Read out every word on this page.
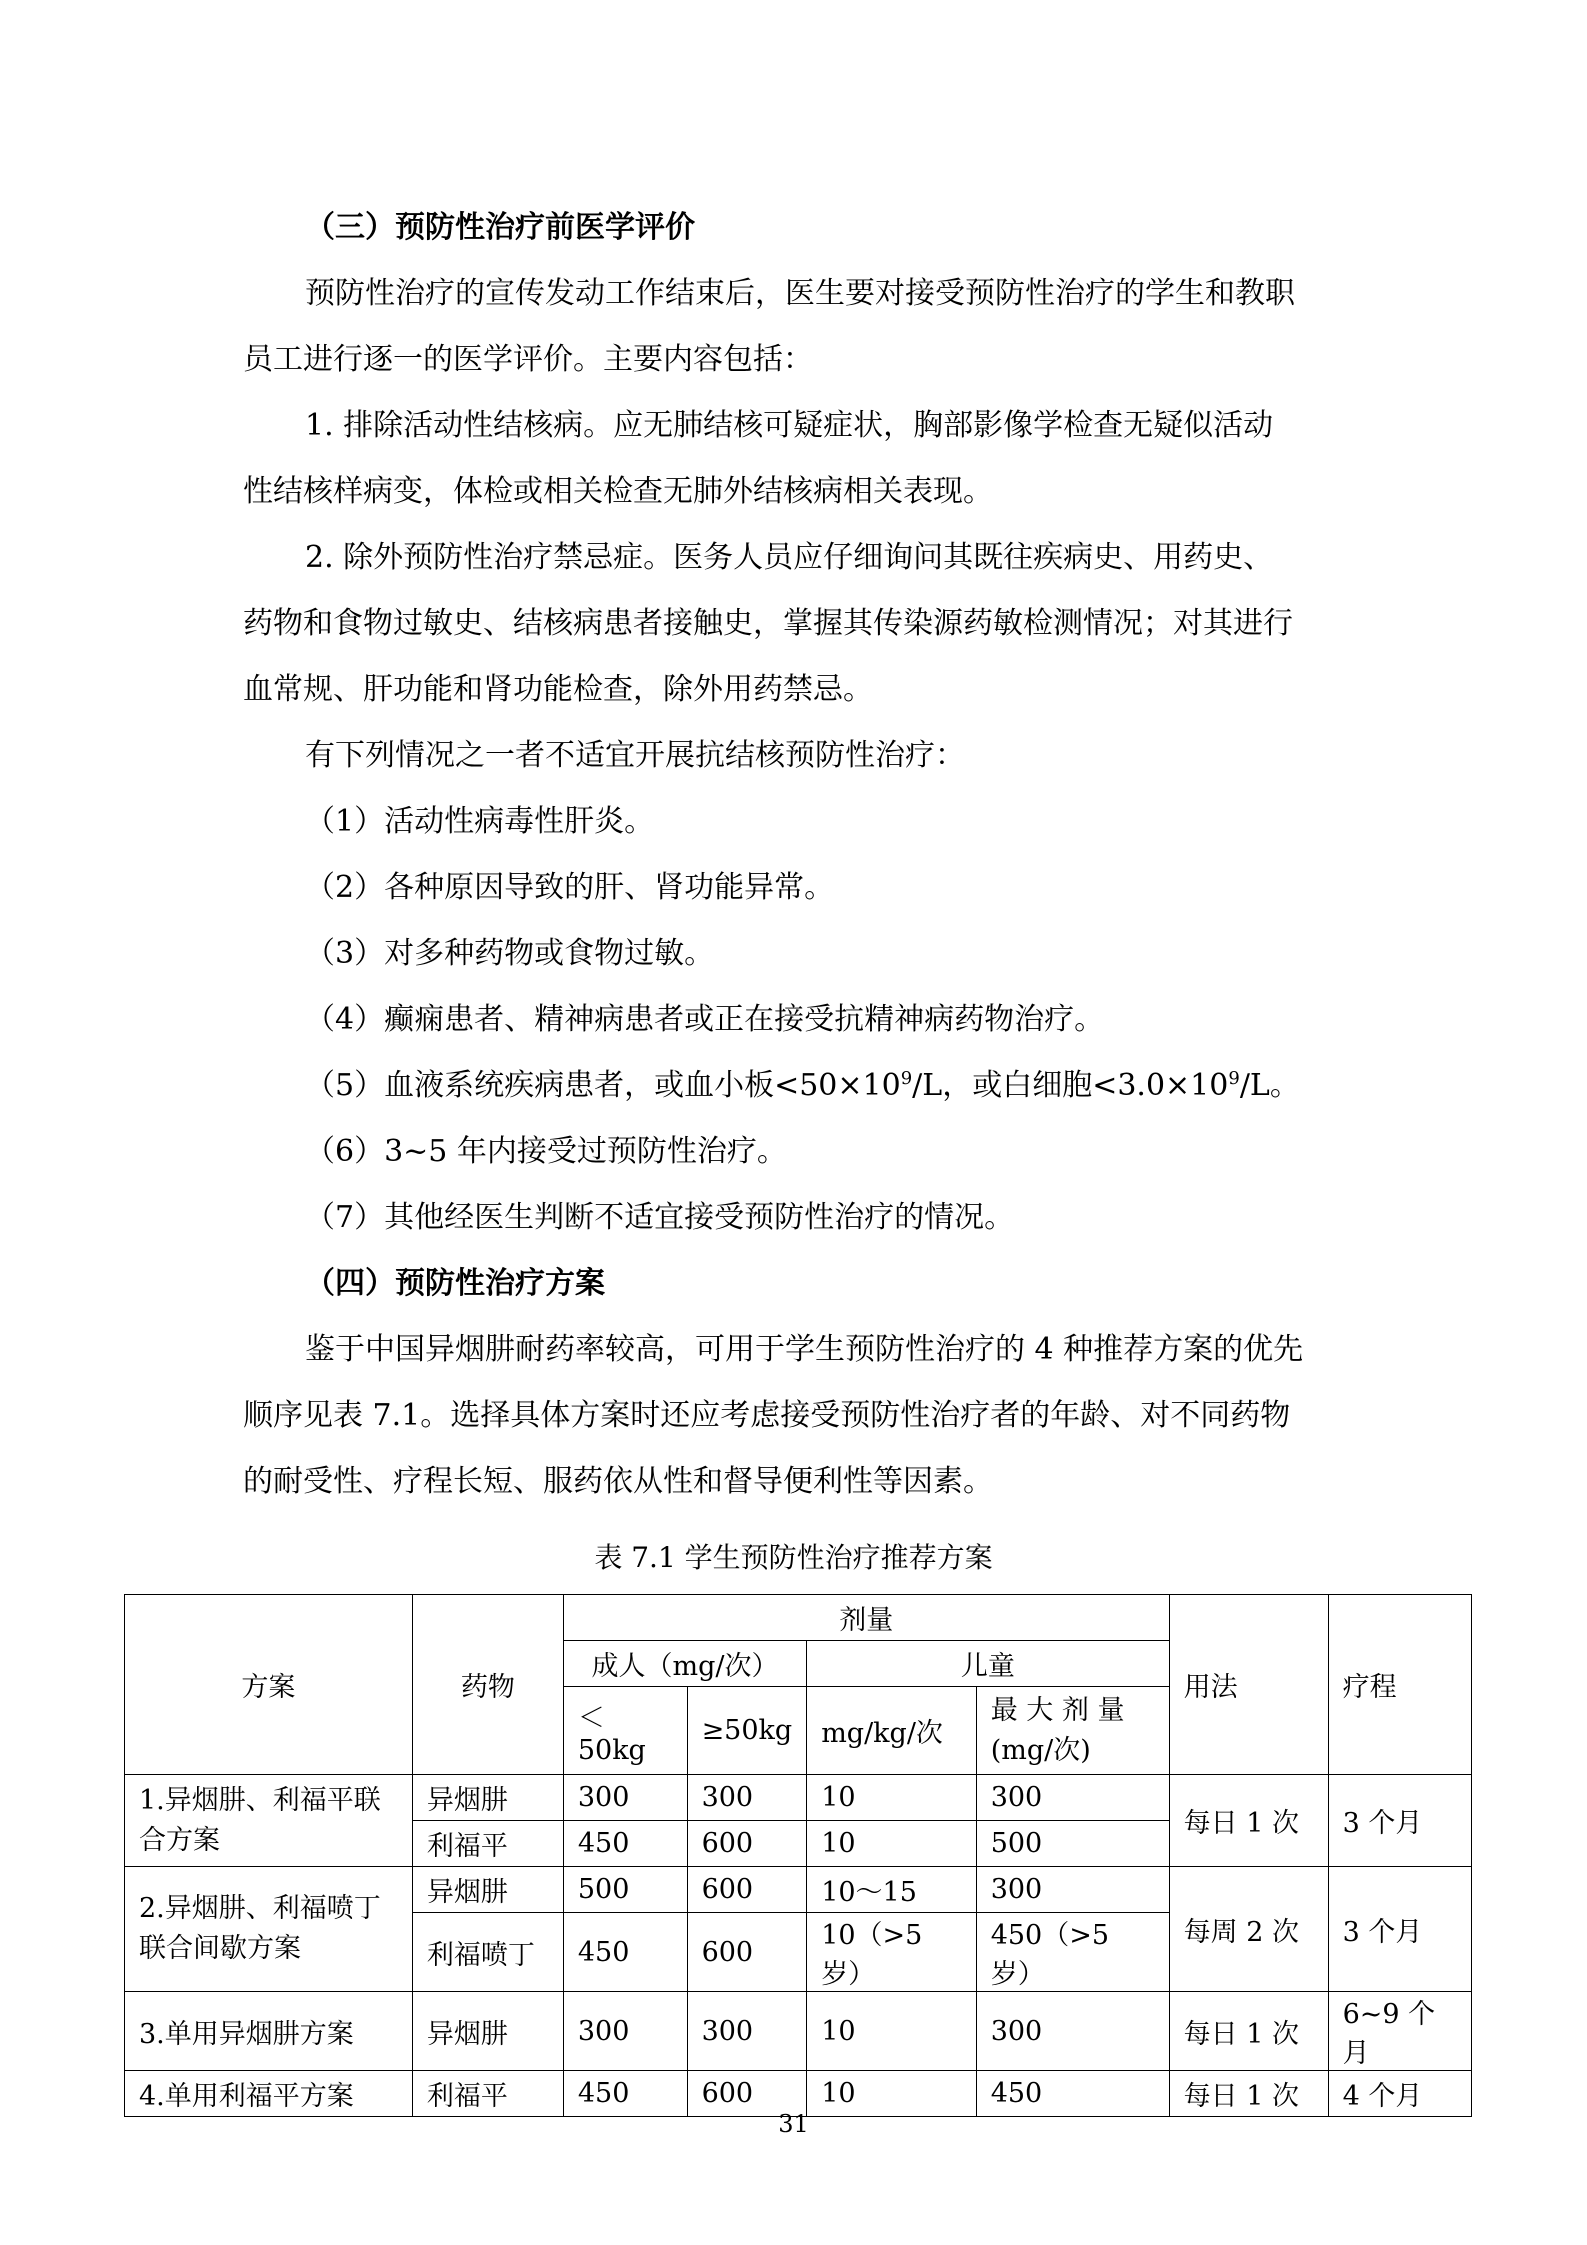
（三）预防性治疗前医学评价
预防性治疗的宣传发动工作结束后，医生要对接受预防性治疗的学生和教职
员工进行逐一的医学评价。主要内容包括：
1. 排除活动性结核病。应无肺结核可疑症状，胸部影像学检查无疑似活动
性结核样病变，体检或相关检查无肺外结核病相关表现。
2. 除外预防性治疗禁忌症。医务人员应仔细询问其既往疾病史、用药史、
药物和食物过敏史、结核病患者接触史，掌握其传染源药敏检测情况；对其进行
血常规、肝功能和肾功能检查，除外用药禁忌。
有下列情况之一者不适宜开展抗结核预防性治疗：
（1）活动性病毒性肝炎。
（2）各种原因导致的肝、肾功能异常。
（3）对多种药物或食物过敏。
（4）癫痫患者、精神病患者或正在接受抗精神病药物治疗。
（5）血液系统疾病患者，或血小板$<50\times 10^9/L$，或白细胞$<3.0\times 10^9/L$。
（6）3~5 年内接受过预防性治疗。
（7）其他经医生判断不适宜接受预防性治疗的情况。
（四）预防性治疗方案
鉴于中国异烟肼耐药率较高，可用于学生预防性治疗的 4 种推荐方案的优先
顺序见表 7.1。选择具体方案时还应考虑接受预防性治疗者的年龄、对不同药物
的耐受性、疗程长短、服药依从性和督导便利性等因素。
表 7.1 学生预防性治疗推荐方案
方案	药物	剂量				用法	疗程
		成人（mg/次）		儿童			
		＜50kg	≥50kg	mg/kg/次	最 大 剂 量 (mg/次)		
1.异烟肼、利福平联合方案	异烟肼	300	300	10	300	每日 1 次	3 个月
	利福平	450	600	10	500		
2.异烟肼、利福喷丁联合间歇方案	异烟肼	500	600	10～15	300	每周 2 次	3 个月
	利福喷丁	450	600	10（>5 岁）	450（>5 岁）		
3.单用异烟肼方案	异烟肼	300	300	10	300	每日 1 次	6~9 个月
4.单用利福平方案	利福平	450	600	10	450	每日 1 次	4 个月
31
